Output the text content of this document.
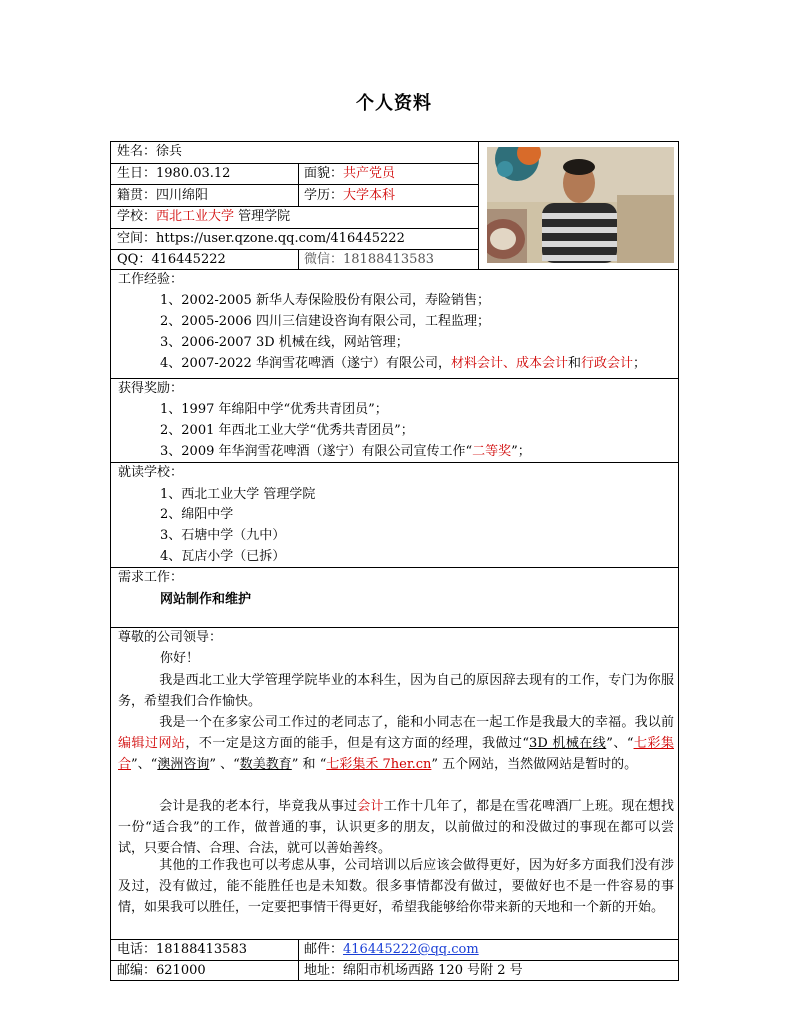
个人资料
姓名：徐兵
生日：1980.03.12	面貌：共产党员
籍贯：四川绵阳	学历：大学本科
学校：西北工业大学 管理学院
空间：https://user.qzone.qq.com/416445222
QQ：416445222	微信：18188413583
工作经验：
1、2002-2005 新华人寿保险股份有限公司，寿险销售；
2、2005-2006 四川三信建设咨询有限公司，工程监理；
3、2006-2007 3D 机械在线，网站管理；
4、2007-2022 华润雪花啤酒（遂宁）有限公司，材料会计、成本会计和行政会计；
获得奖励：
1、1997 年绵阳中学“优秀共青团员”；
2、2001 年西北工业大学“优秀共青团员”；
3、2009 年华润雪花啤酒（遂宁）有限公司宣传工作“二等奖”；
就读学校：
1、西北工业大学 管理学院
2、绵阳中学
3、石塘中学（九中）
4、瓦店小学（已拆）
需求工作：
网站制作和维护
尊敬的公司领导：
你好！
我是西北工业大学管理学院毕业的本科生，因为自己的原因辞去现有的工作，专门为你服务，希望我们合作愉快。
我是一个在多家公司工作过的老同志了，能和小同志在一起工作是我最大的幸福。我以前编辑过网站，不一定是这方面的能手，但是有这方面的经理，我做过“3D 机械在线”、“七彩集合”、“澳洲咨询” 、“数美教育” 和 “七彩集禾 7her.cn” 五个网站，当然做网站是暂时的。
会计是我的老本行，毕竟我从事过会计工作十几年了，都是在雪花啤酒厂上班。现在想找一份“适合我”的工作，做普通的事，认识更多的朋友，以前做过的和没做过的事现在都可以尝试，只要合情、合理、合法，就可以善始善终。
其他的工作我也可以考虑从事，公司培训以后应该会做得更好，因为好多方面我们没有涉及过，没有做过，能不能胜任也是未知数。很多事情都没有做过，要做好也不是一件容易的事情，如果我可以胜任，一定要把事情干得更好，希望我能够给你带来新的天地和一个新的开始。
电话：18188413583	邮件：416445222@qq.com
邮编：621000	地址：绵阳市机场西路 120 号附 2 号
